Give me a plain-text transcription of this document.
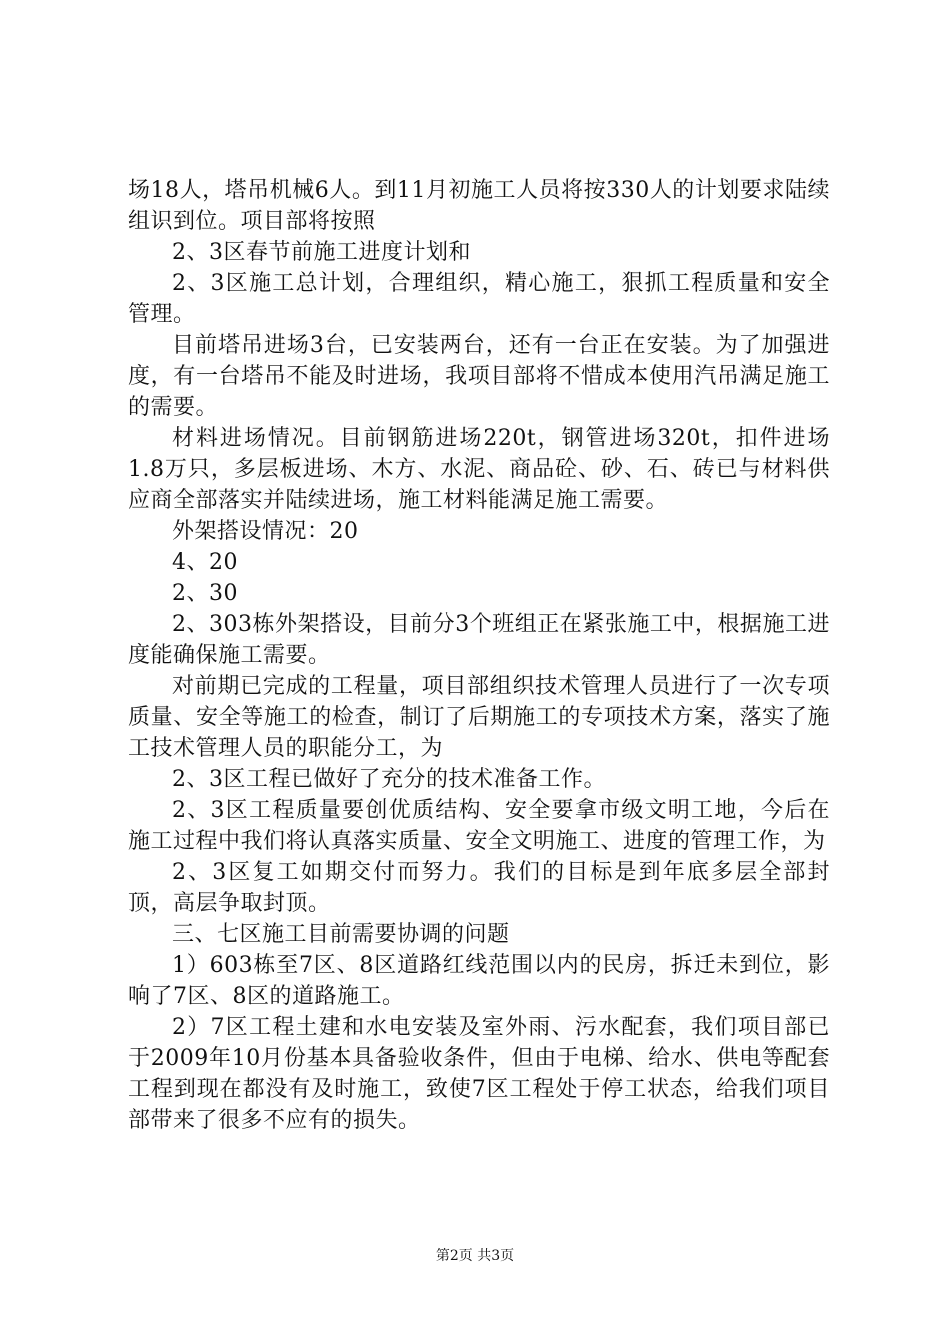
场18人，塔吊机械6人。到11月初施工人员将按330人的计划要求陆续组识到位。项目部将按照

2、3区春节前施工进度计划和

2、3区施工总计划，合理组织，精心施工，狠抓工程质量和安全管理。

目前塔吊进场3台，已安装两台，还有一台正在安装。为了加强进度，有一台塔吊不能及时进场，我项目部将不惜成本使用汽吊满足施工的需要。

材料进场情况。目前钢筋进场220t，钢管进场320t，扣件进场1.8万只，多层板进场、木方、水泥、商品砼、砂、石、砖已与材料供应商全部落实并陆续进场，施工材料能满足施工需要。

外架搭设情况：20

4、20

2、30

2、303栋外架搭设，目前分3个班组正在紧张施工中，根据施工进度能确保施工需要。

对前期已完成的工程量，项目部组织技术管理人员进行了一次专项质量、安全等施工的检查，制订了后期施工的专项技术方案，落实了施工技术管理人员的职能分工，为

2、3区工程已做好了充分的技术准备工作。

2、3区工程质量要创优质结构、安全要拿市级文明工地，今后在施工过程中我们将认真落实质量、安全文明施工、进度的管理工作，为

2、3区复工如期交付而努力。我们的目标是到年底多层全部封顶，高层争取封顶。

三、七区施工目前需要协调的问题

1）603栋至7区、8区道路红线范围以内的民房，拆迁未到位，影响了7区、8区的道路施工。

2）7区工程土建和水电安装及室外雨、污水配套，我们项目部已于2009年10月份基本具备验收条件，但由于电梯、给水、供电等配套工程到现在都没有及时施工，致使7区工程处于停工状态，给我们项目部带来了很多不应有的损失。

第2页 共3页
